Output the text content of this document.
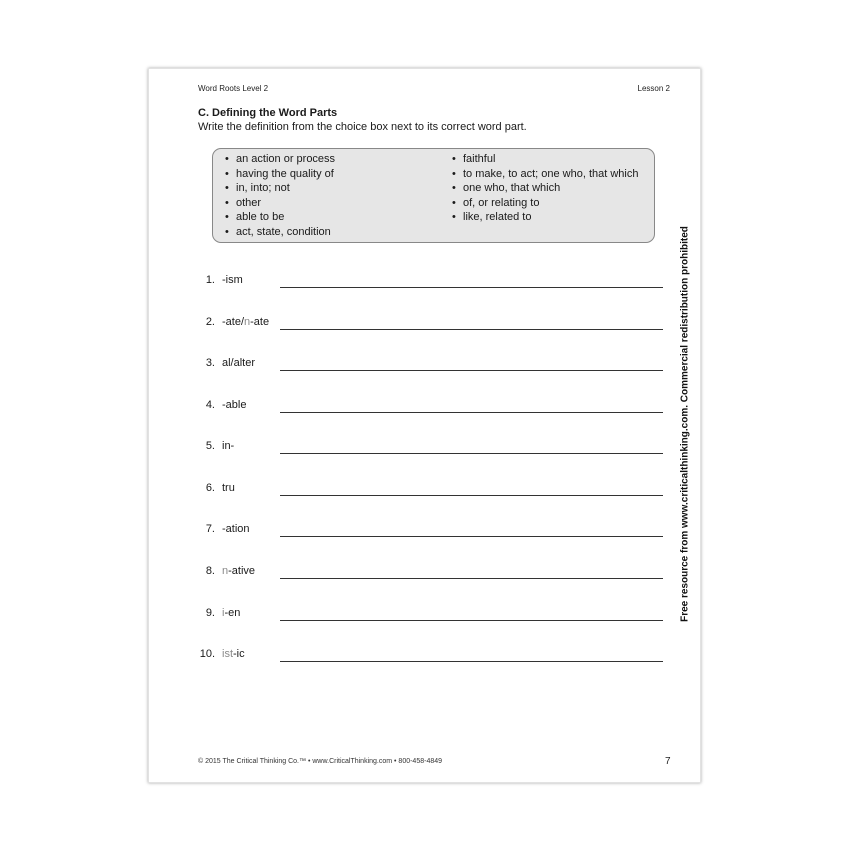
Word Roots Level 2	Lesson 2
C. Defining the Word Parts
Write the definition from the choice box next to its correct word part.
• an action or process
• having the quality of
• in, into; not
• other
• able to be
• act, state, condition
• faithful
• to make, to act; one who, that which
• one who, that which
• of, or relating to
• like, related to
1. -ism
2. -ate/n-ate
3. al/alter
4. -able
5. in-
6. tru
7. -ation
8. n-ative
9. i-en
10. ist-ic
Free resource from www.criticalthinking.com. Commercial redistribution prohibited
© 2015 The Critical Thinking Co.™ • www.CriticalThinking.com • 800-458-4849	7
